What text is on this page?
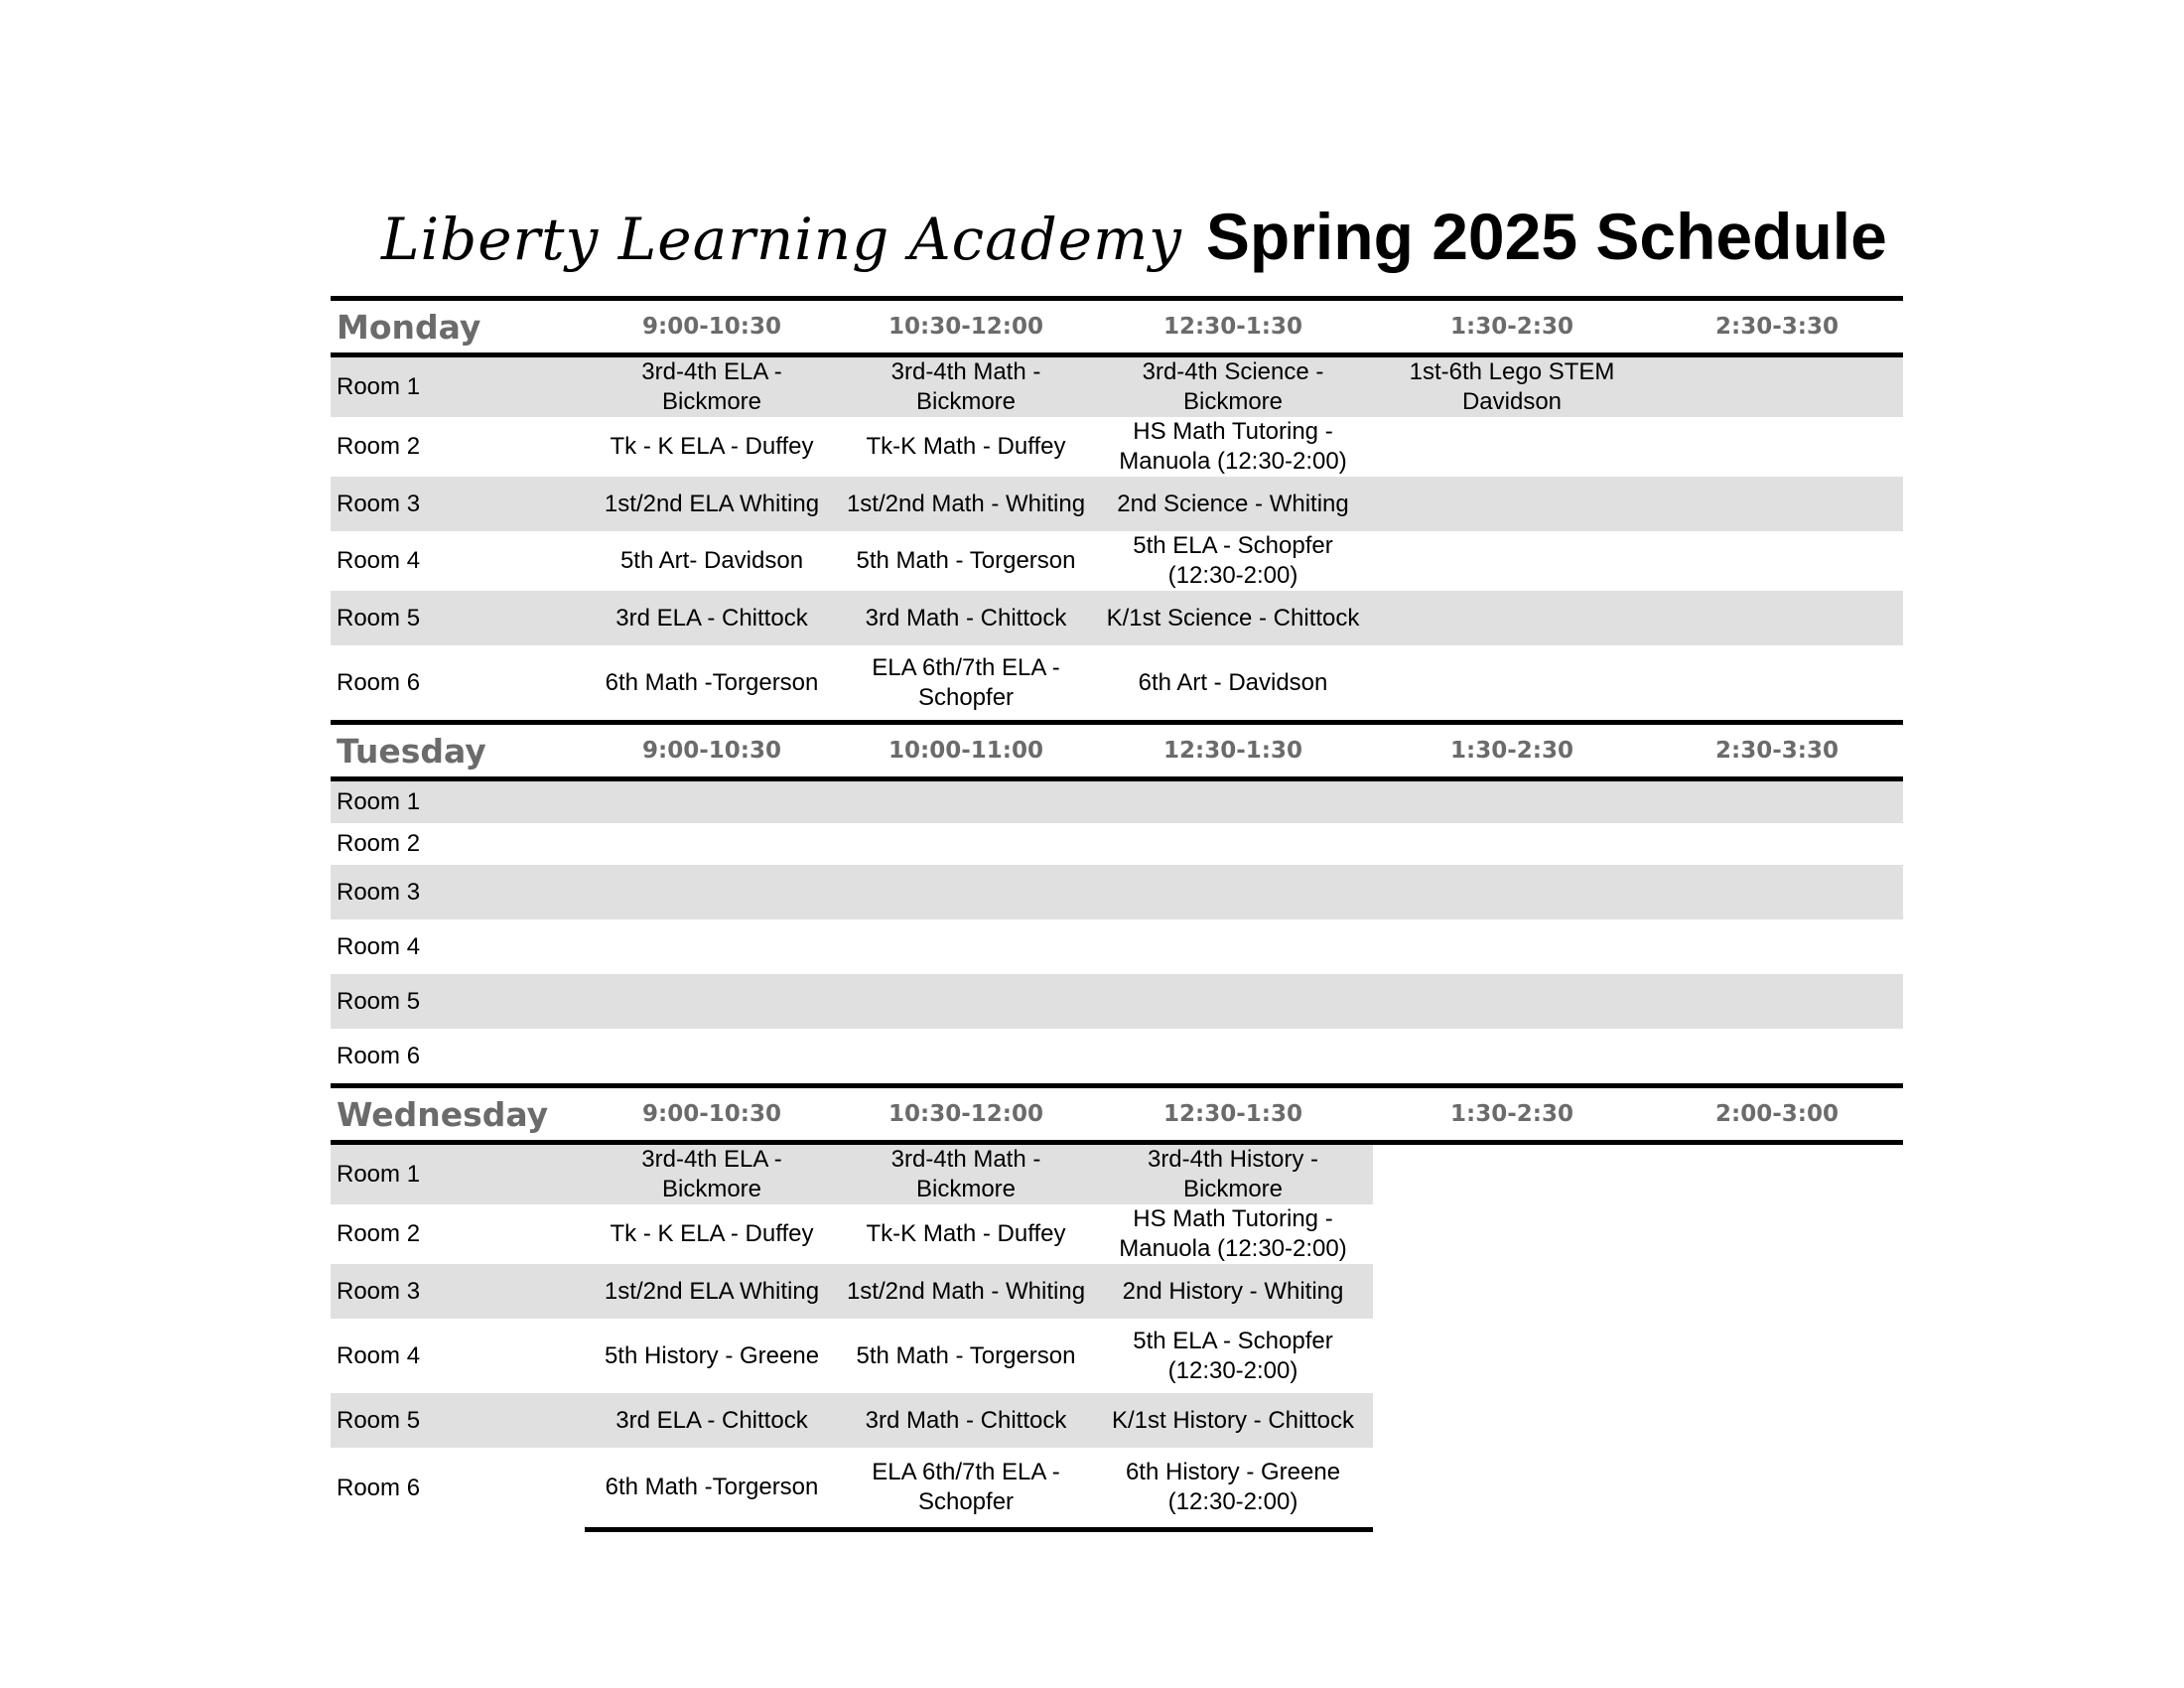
Liberty Learning Academy Spring 2025 Schedule
Monday	9:00-10:30	10:30-12:00	12:30-1:30	1:30-2:30	2:30-3:30
Room 1	3rd-4th ELA - Bickmore	3rd-4th Math - Bickmore	3rd-4th Science - Bickmore	1st-6th Lego STEM Davidson	
Room 2	Tk - K ELA - Duffey	Tk-K Math - Duffey	HS Math Tutoring - Manuola (12:30-2:00)		
Room 3	1st/2nd ELA Whiting	1st/2nd Math - Whiting	2nd Science - Whiting		
Room 4	5th Art- Davidson	5th Math - Torgerson	5th ELA - Schopfer (12:30-2:00)		
Room 5	3rd ELA - Chittock	3rd Math - Chittock	K/1st Science - Chittock		
Room 6	6th Math -Torgerson	ELA 6th/7th ELA - Schopfer	6th Art - Davidson		
Tuesday	9:00-10:30	10:00-11:00	12:30-1:30	1:30-2:30	2:30-3:30
Room 1					
Room 2					
Room 3					
Room 4					
Room 5					
Room 6					
Wednesday	9:00-10:30	10:30-12:00	12:30-1:30	1:30-2:30	2:00-3:00
Room 1	3rd-4th ELA - Bickmore	3rd-4th Math - Bickmore	3rd-4th History - Bickmore		
Room 2	Tk - K ELA - Duffey	Tk-K Math - Duffey	HS Math Tutoring - Manuola (12:30-2:00)		
Room 3	1st/2nd ELA Whiting	1st/2nd Math - Whiting	2nd History - Whiting		
Room 4	5th History - Greene	5th Math - Torgerson	5th ELA - Schopfer (12:30-2:00)		
Room 5	3rd ELA - Chittock	3rd Math - Chittock	K/1st History - Chittock		
Room 6	6th Math -Torgerson	ELA 6th/7th ELA - Schopfer	6th History - Greene (12:30-2:00)		
